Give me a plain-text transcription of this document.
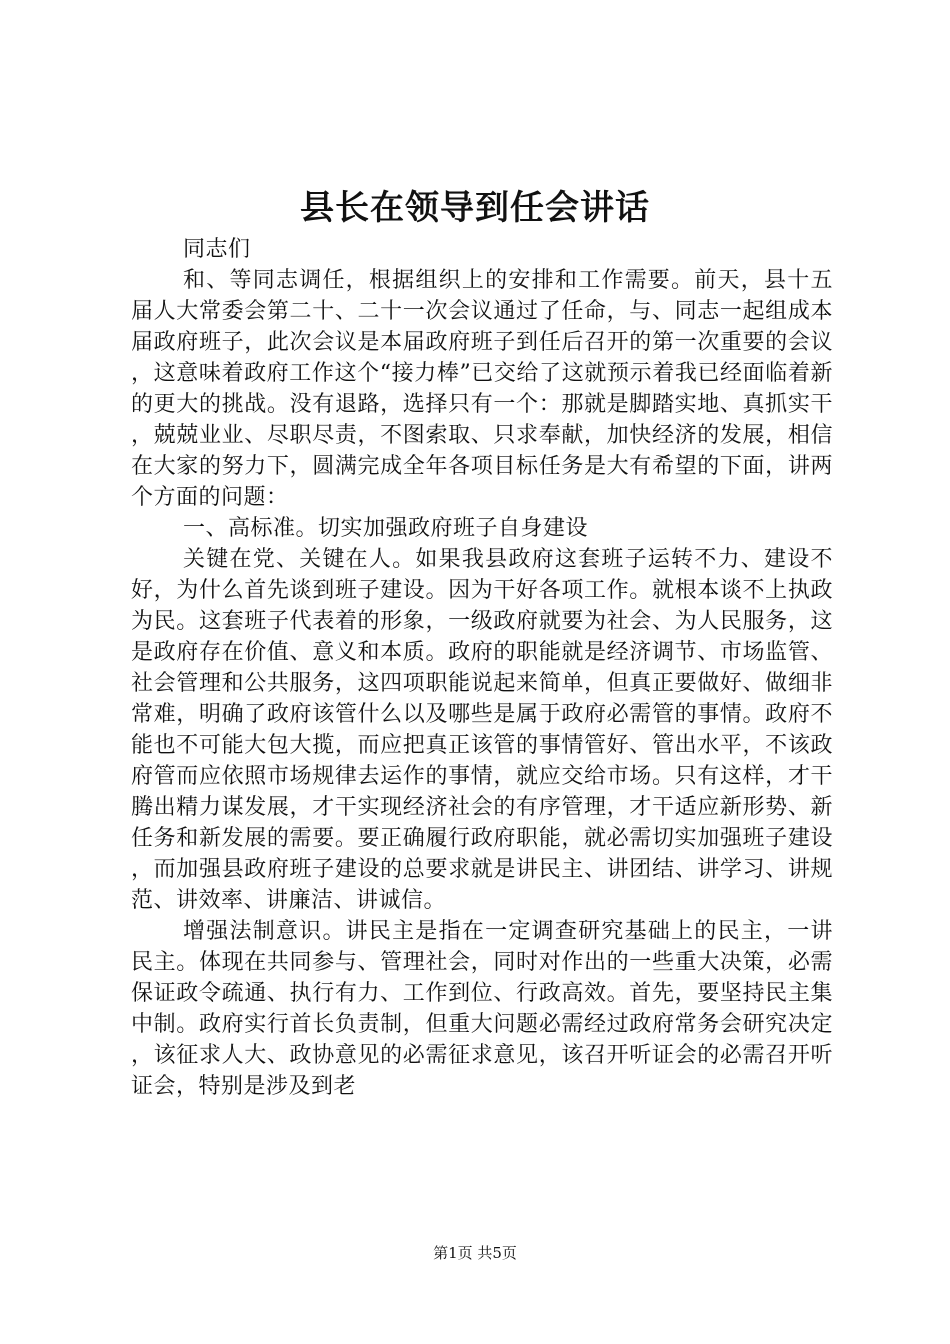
县长在领导到任会讲话

同志们

和、等同志调任，根据组织上的安排和工作需要。前天，县十五届人大常委会第二十、二十一次会议通过了任命，与、同志一起组成本届政府班子，此次会议是本届政府班子到任后召开的第一次重要的会议，这意味着政府工作这个“接力棒”已交给了这就预示着我已经面临着新的更大的挑战。没有退路，选择只有一个：那就是脚踏实地、真抓实干，兢兢业业、尽职尽责，不图索取、只求奉献，加快经济的发展，相信在大家的努力下，圆满完成全年各项目标任务是大有希望的下面，讲两个方面的问题：

一、高标准。切实加强政府班子自身建设

关键在党、关键在人。如果我县政府这套班子运转不力、建设不好，为什么首先谈到班子建设。因为干好各项工作。就根本谈不上执政为民。这套班子代表着的形象，一级政府就要为社会、为人民服务，这是政府存在价值、意义和本质。政府的职能就是经济调节、市场监管、社会管理和公共服务，这四项职能说起来简单，但真正要做好、做细非常难，明确了政府该管什么以及哪些是属于政府必需管的事情。政府不能也不可能大包大揽，而应把真正该管的事情管好、管出水平，不该政府管而应依照市场规律去运作的事情，就应交给市场。只有这样，才干腾出精力谋发展，才干实现经济社会的有序管理，才干适应新形势、新任务和新发展的需要。要正确履行政府职能，就必需切实加强班子建设，而加强县政府班子建设的总要求就是讲民主、讲团结、讲学习、讲规范、讲效率、讲廉洁、讲诚信。

增强法制意识。讲民主是指在一定调查研究基础上的民主，一讲民主。体现在共同参与、管理社会，同时对作出的一些重大决策，必需保证政令疏通、执行有力、工作到位、行政高效。首先，要坚持民主集中制。政府实行首长负责制，但重大问题必需经过政府常务会研究决定，该征求人大、政协意见的必需征求意见，该召开听证会的必需召开听证会，特别是涉及到老

第1页 共5页
